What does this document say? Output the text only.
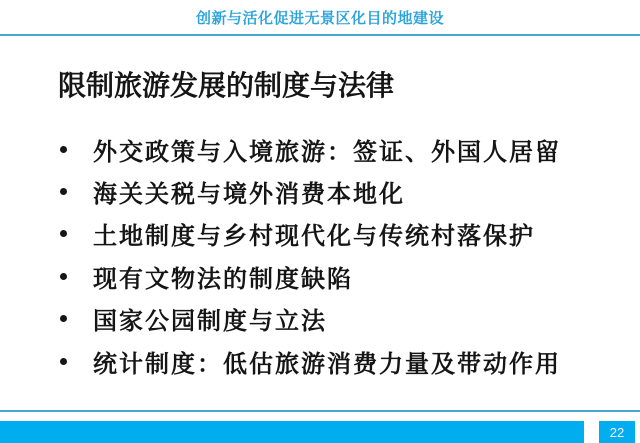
创新与活化促进无景区化目的地建设
限制旅游发展的制度与法律
外交政策与入境旅游：签证、外国人居留
海关关税与境外消费本地化
土地制度与乡村现代化与传统村落保护
现有文物法的制度缺陷
国家公园制度与立法
统计制度：低估旅游消费力量及带动作用
22
